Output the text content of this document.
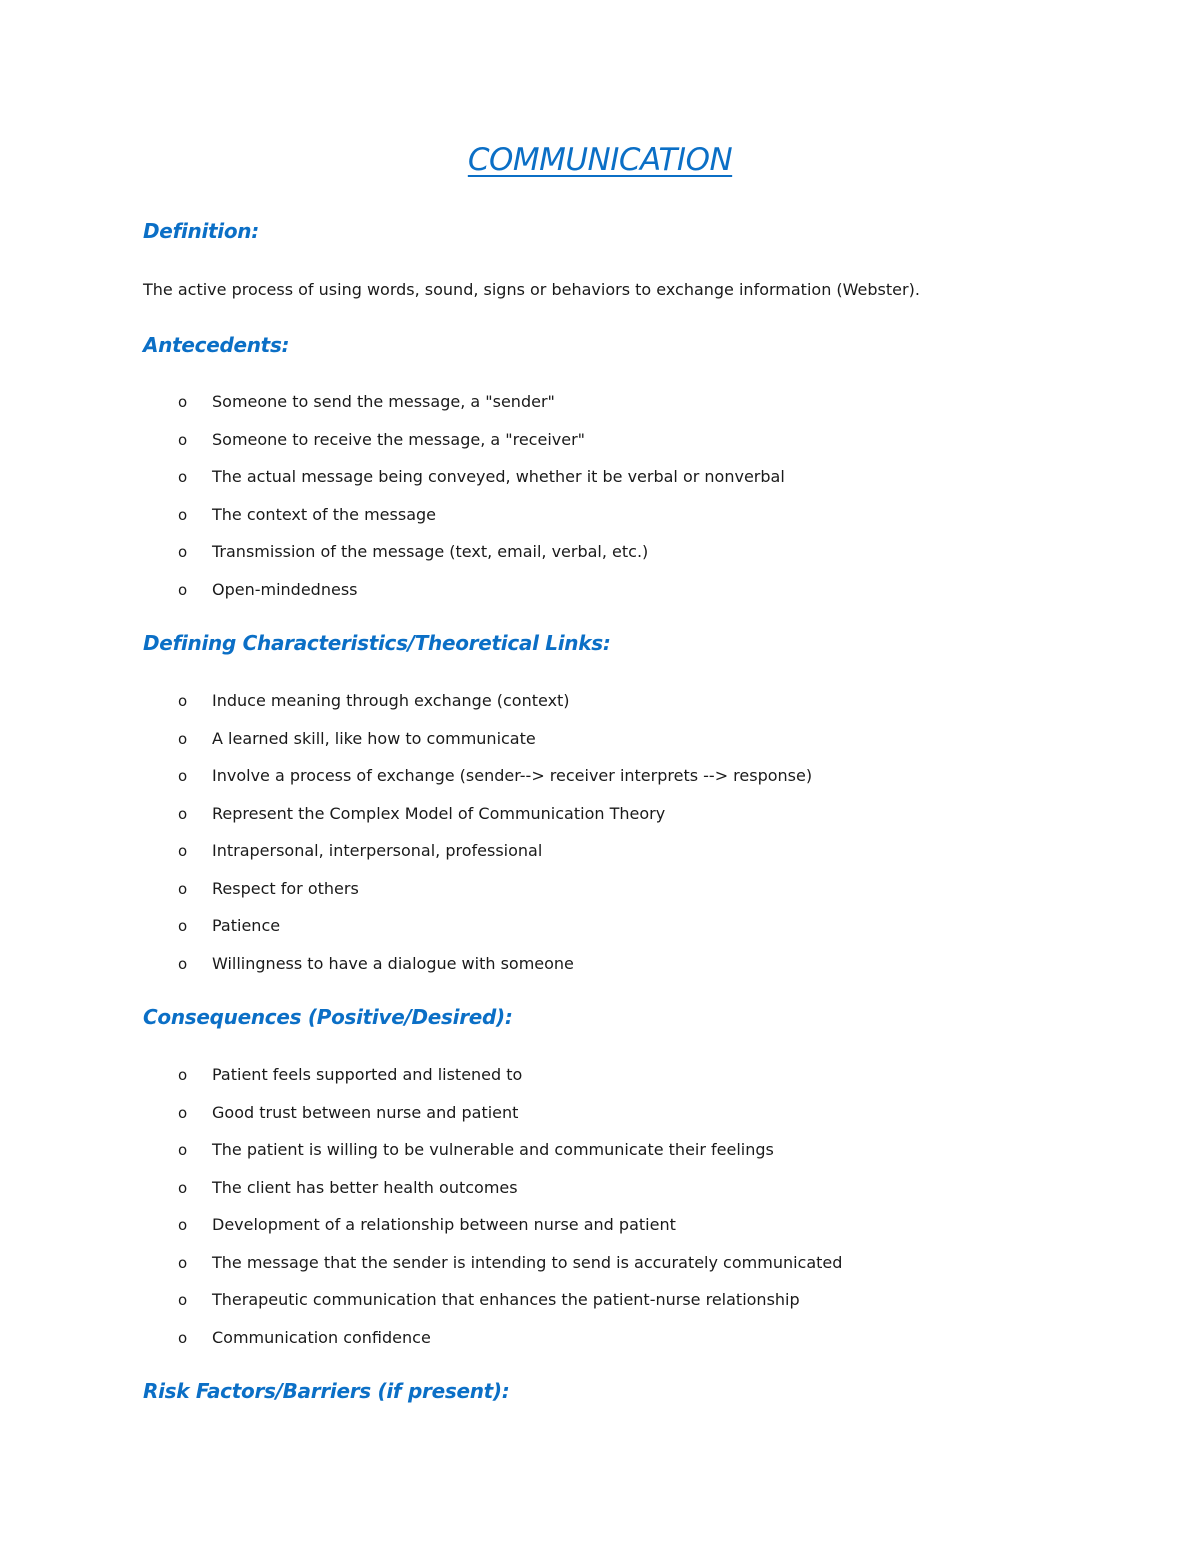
COMMUNICATION
Definition:

The active process of using words, sound, signs or behaviors to exchange information (Webster).

Antecedents:
o Someone to send the message, a "sender"
o Someone to receive the message, a "receiver"
o The actual message being conveyed, whether it be verbal or nonverbal
o The context of the message
o Transmission of the message (text, email, verbal, etc.)
o Open-mindedness
Defining Characteristics/Theoretical Links:
o Induce meaning through exchange (context)
o A learned skill, like how to communicate
o Involve a process of exchange (sender--> receiver interprets --> response)
o Represent the Complex Model of Communication Theory
o Intrapersonal, interpersonal, professional
o Respect for others
o Patience
o Willingness to have a dialogue with someone
Consequences (Positive/Desired):
o Patient feels supported and listened to
o Good trust between nurse and patient
o The patient is willing to be vulnerable and communicate their feelings
o The client has better health outcomes
o Development of a relationship between nurse and patient
o The message that the sender is intending to send is accurately communicated
o Therapeutic communication that enhances the patient-nurse relationship
o Communication confidence
Risk Factors/Barriers (if present):
